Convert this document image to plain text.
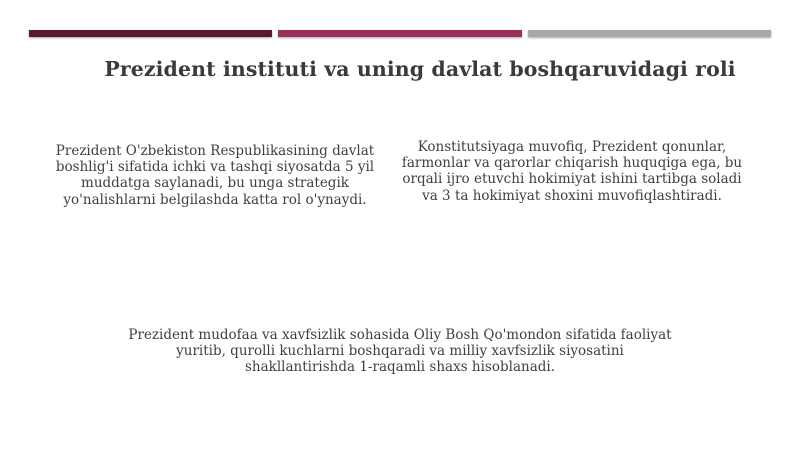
Prezident instituti va uning davlat boshqaruvidagi roli
Prezident O'zbekiston Respublikasining davlat boshlig'i sifatida ichki va tashqi siyosatda 5 yil muddatga saylanadi, bu unga strategik yo'nalishlarni belgilashda katta rol o'ynaydi.
Konstitutsiyaga muvofiq, Prezident qonunlar, farmonlar va qarorlar chiqarish huquqiga ega, bu orqali ijro etuvchi hokimiyat ishini tartibga soladi va 3 ta hokimiyat shoxini muvofiqlashtiradi.
Prezident mudofaa va xavfsizlik sohasida Oliy Bosh Qo'mondon sifatida faoliyat yuritib, qurolli kuchlarni boshqaradi va milliy xavfsizlik siyosatini shakllantirishda 1-raqamli shaxs hisoblanadi.
